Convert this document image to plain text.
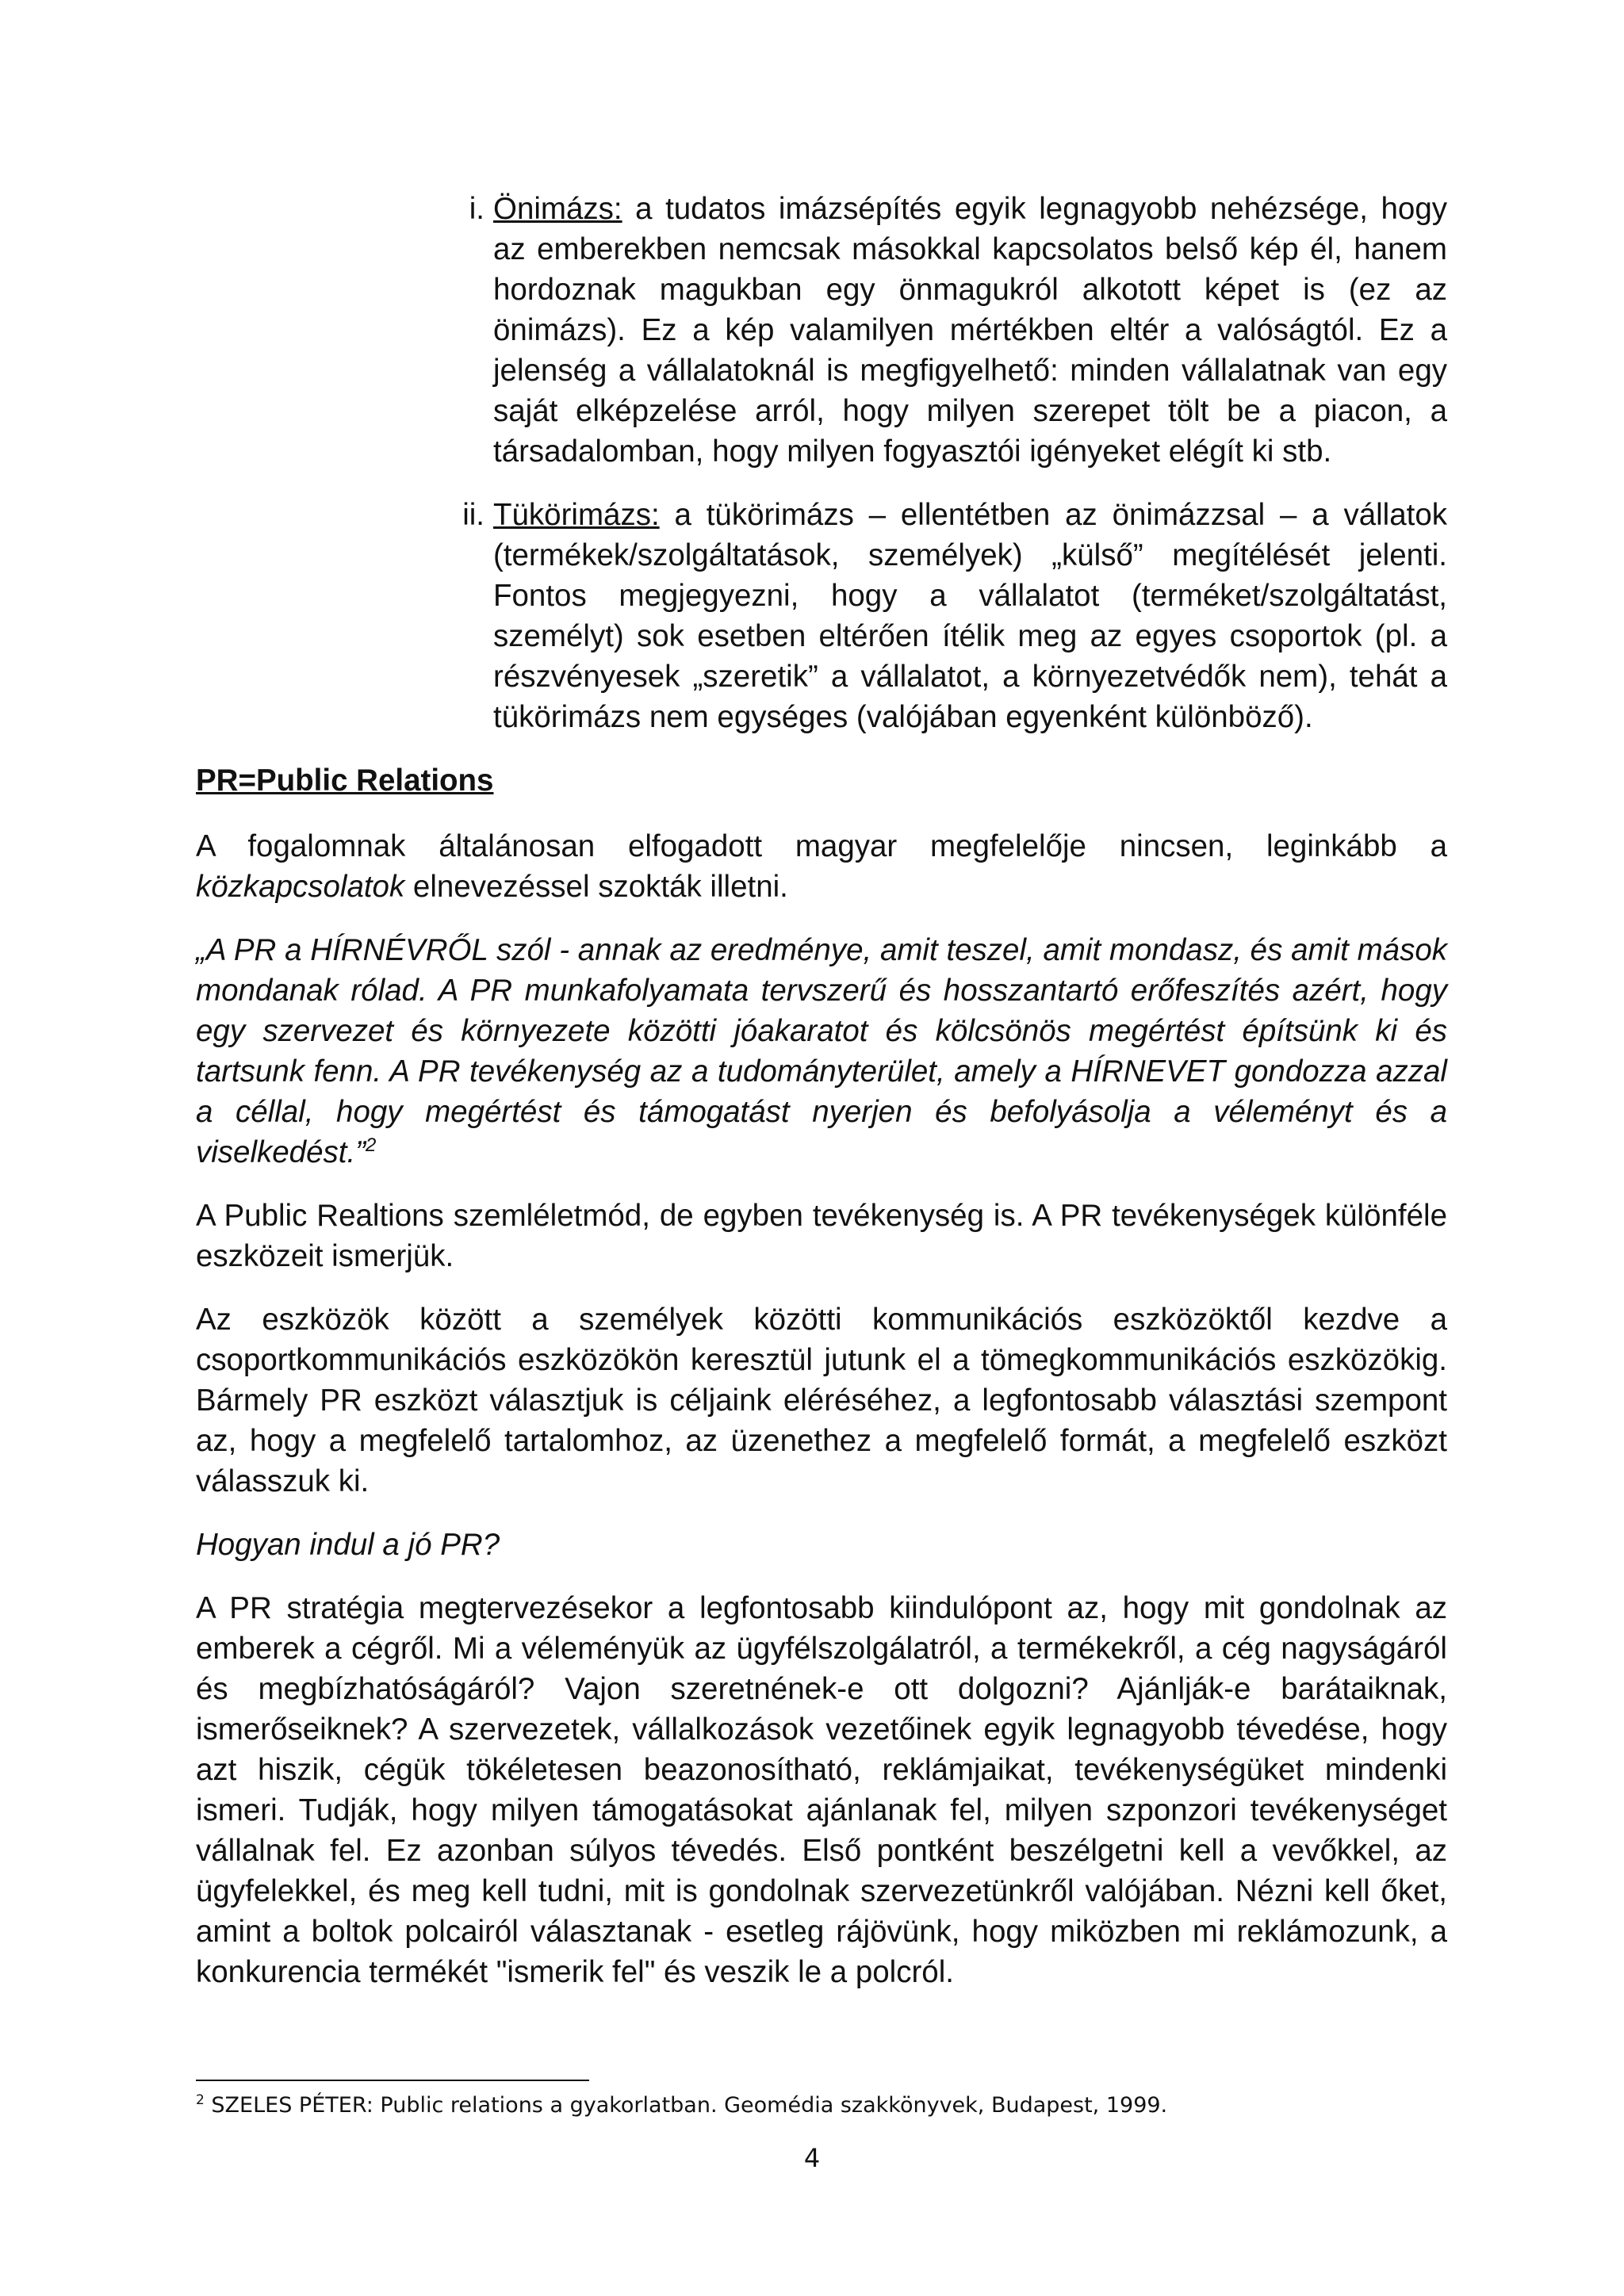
i. Önimázs: a tudatos imázsépítés egyik legnagyobb nehézsége, hogy az emberekben nemcsak másokkal kapcsolatos belső kép él, hanem hordoznak magukban egy önmagukról alkotott képet is (ez az önimázs). Ez a kép valamilyen mértékben eltér a valóságtól. Ez a jelenség a vállalatoknál is megfigyelhető: minden vállalatnak van egy saját elképzelése arról, hogy milyen szerepet tölt be a piacon, a társadalomban, hogy milyen fogyasztói igényeket elégít ki stb.
ii. Tükörimázs: a tükörimázs – ellentétben az önimázzsal – a vállatok (termékek/szolgáltatások, személyek) „külső” megítélését jelenti. Fontos megjegyezni, hogy a vállalatot (terméket/szolgáltatást, személyt) sok esetben eltérően ítélik meg az egyes csoportok (pl. a részvényesek „szeretik” a vállalatot, a környezetvédők nem), tehát a tükörimázs nem egységes (valójában egyenként különböző).
PR=Public Relations

A fogalomnak általánosan elfogadott magyar megfelelője nincsen, leginkább a közkapcsolatok elnevezéssel szokták illetni.

„A PR a HÍRNÉVRŐL szól - annak az eredménye, amit teszel, amit mondasz, és amit mások mondanak rólad. A PR munkafolyamata tervszerű és hosszantartó erőfeszítés azért, hogy egy szervezet és környezete közötti jóakaratot és kölcsönös megértést építsünk ki és tartsunk fenn. A PR tevékenység az a tudományterület, amely a HÍRNEVET gondozza azzal a céllal, hogy megértést és támogatást nyerjen és befolyásolja a véleményt és a viselkedést.”$^2$

A Public Realtions szemléletmód, de egyben tevékenység is. A PR tevékenységek különféle eszközeit ismerjük.

Az eszközök között a személyek közötti kommunikációs eszközöktől kezdve a csoportkommunikációs eszközökön keresztül jutunk el a tömegkommunikációs eszközökig. Bármely PR eszközt választjuk is céljaink eléréséhez, a legfontosabb választási szempont az, hogy a megfelelő tartalomhoz, az üzenethez a megfelelő formát, a megfelelő eszközt válasszuk ki.

Hogyan indul a jó PR?

A PR stratégia megtervezésekor a legfontosabb kiindulópont az, hogy mit gondolnak az emberek a cégről. Mi a véleményük az ügyfélszolgálatról, a termékekről, a cég nagyságáról és megbízhatóságáról? Vajon szeretnének-e ott dolgozni? Ajánlják-e barátaiknak, ismerőseiknek? A szervezetek, vállalkozások vezetőinek egyik legnagyobb tévedése, hogy azt hiszik, cégük tökéletesen beazonosítható, reklámjaikat, tevékenységüket mindenki ismeri. Tudják, hogy milyen támogatásokat ajánlanak fel, milyen szponzori tevékenységet vállalnak fel. Ez azonban súlyos tévedés. Első pontként beszélgetni kell a vevőkkel, az ügyfelekkel, és meg kell tudni, mit is gondolnak szervezetünkről valójában. Nézni kell őket, amint a boltok polcairól választanak - esetleg rájövünk, hogy miközben mi reklámozunk, a konkurencia termékét "ismerik fel" és veszik le a polcról.

$^2$ SZELES PÉTER: Public relations a gyakorlatban. Geomédia szakkönyvek, Budapest, 1999.
4
